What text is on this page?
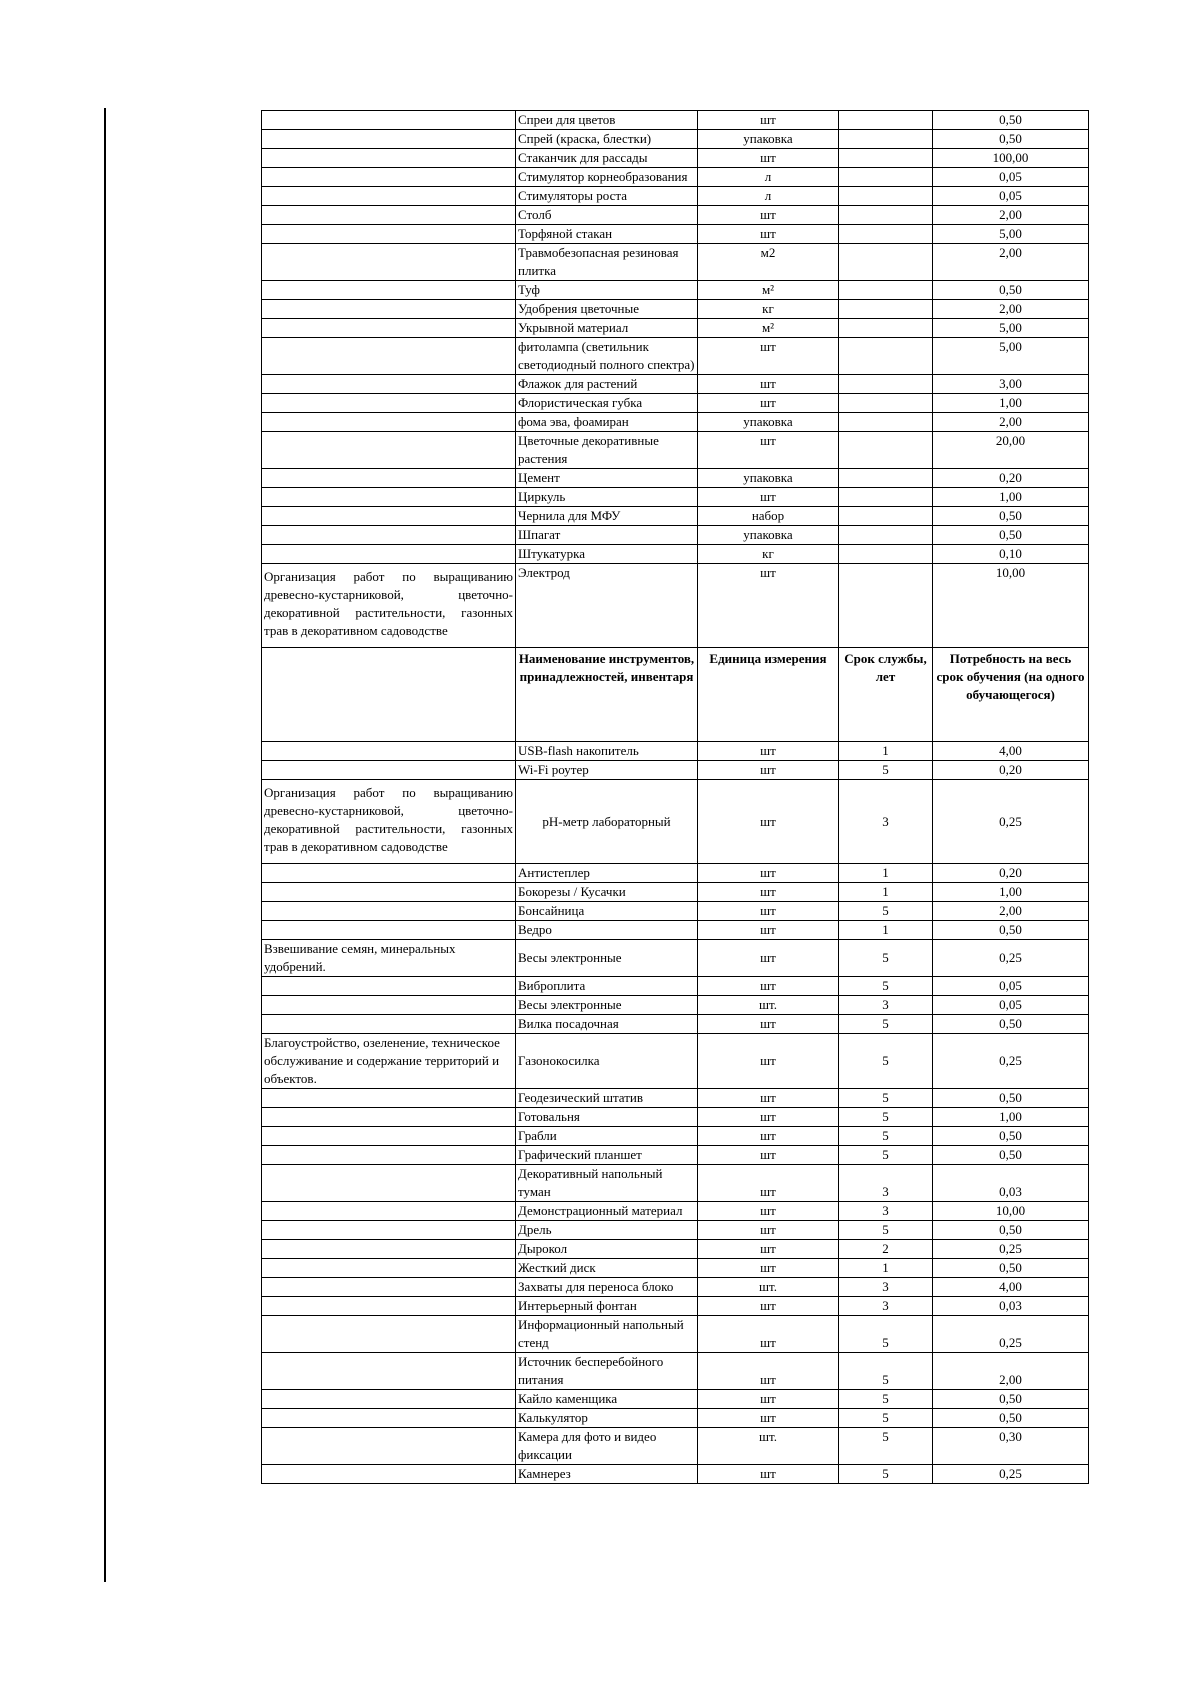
	Спреи для цветов	шт		0,50
	Спрей (краска, блестки)	упаковка		0,50
	Стаканчик для рассады	шт		100,00
	Стимулятор корнеобразования	л		0,05
	Стимуляторы роста	л		0,05
	Столб	шт		2,00
	Торфяной стакан	шт		5,00
	Травмобезопасная резиновая плитка	м2		2,00
	Туф	м²		0,50
	Удобрения цветочные	кг		2,00
	Укрывной материал	м²		5,00
	фитолампа (светильник светодиодный полного спектра)	шт		5,00
	Флажок для растений	шт		3,00
	Флористическая губка	шт		1,00
	фома эва, фоамиран	упаковка		2,00
	Цветочные декоративные растения	шт		20,00
	Цемент	упаковка		0,20
	Циркуль	шт		1,00
	Чернила для МФУ	набор		0,50
	Шпагат	упаковка		0,50
	Штукатурка	кг		0,10
Организация работ по выращиванию древесно-кустарниковой, цветочно-декоративной растительности, газонных трав в декоративном садоводстве	Электрод	шт		10,00
	Наименование инструментов, принадлежностей, инвентаря	Единица измерения	Срок службы, лет	Потребность на весь срок обучения (на одного обучающегося)
	USB-flash накопитель	шт	1	4,00
	Wi-Fi роутер	шт	5	0,20
Организация работ по выращиванию древесно-кустарниковой, цветочно-декоративной растительности, газонных трав в декоративном садоводстве	pH-метр лабораторный	шт	3	0,25
	Антистеплер	шт	1	0,20
	Бокорезы / Кусачки	шт	1	1,00
	Бонсайница	шт	5	2,00
	Ведро	шт	1	0,50
Взвешивание семян, минеральных удобрений.	Весы электронные	шт	5	0,25
	Виброплита	шт	5	0,05
	Весы электронные	шт.	3	0,05
	Вилка посадочная	шт	5	0,50
Благоустройство, озеленение, техническое обслуживание и содержание территорий и объектов.	Газонокосилка	шт	5	0,25
	Геодезический штатив	шт	5	0,50
	Готовальня	шт	5	1,00
	Грабли	шт	5	0,50
	Графический планшет	шт	5	0,50
	Декоративный напольный туман	шт	3	0,03
	Демонстрационный материал	шт	3	10,00
	Дрель	шт	5	0,50
	Дырокол	шт	2	0,25
	Жесткий диск	шт	1	0,50
	Захваты для переноса блоко	шт.	3	4,00
	Интерьерный фонтан	шт	3	0,03
	Информационный напольный стенд	шт	5	0,25
	Источник бесперебойного питания	шт	5	2,00
	Кайло каменщика	шт	5	0,50
	Калькулятор	шт	5	0,50
	Камера для фото и видео фиксации	шт.	5	0,30
	Камнерез	шт	5	0,25
